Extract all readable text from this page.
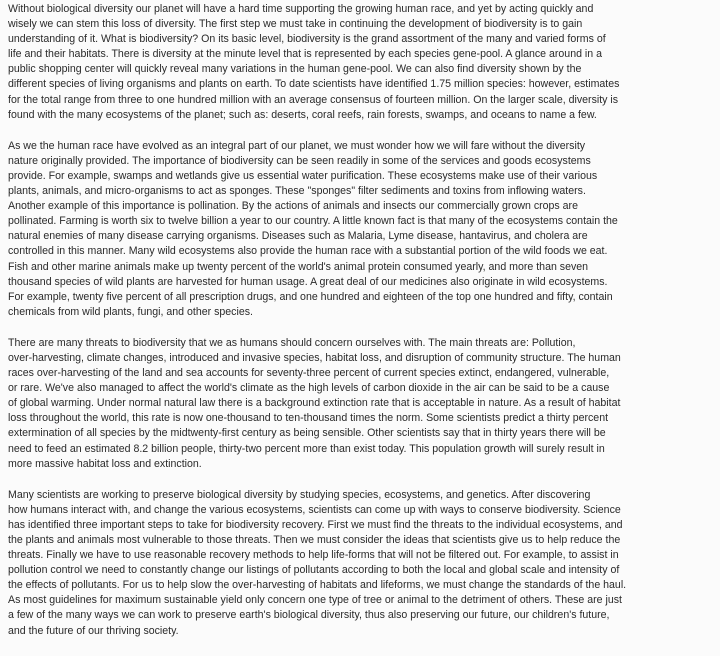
Without biological diversity our planet will have a hard time supporting the growing human race, and yet by acting quickly and
wisely we can stem this loss of diversity. The first step we must take in continuing the development of biodiversity is to gain
understanding of it. What is biodiversity? On its basic level, biodiversity is the grand assortment of the many and varied forms of
life and their habitats. There is diversity at the minute level that is represented by each species gene-pool. A glance around in a
public shopping center will quickly reveal many variations in the human gene-pool. We can also find diversity shown by the
different species of living organisms and plants on earth. To date scientists have identified 1.75 million species: however, estimates
for the total range from three to one hundred million with an average consensus of fourteen million. On the larger scale, diversity is
found with the many ecosystems of the planet; such as: deserts, coral reefs, rain forests, swamps, and oceans to name a few.
As we the human race have evolved as an integral part of our planet, we must wonder how we will fare without the diversity
nature originally provided. The importance of biodiversity can be seen readily in some of the services and goods ecosystems
provide. For example, swamps and wetlands give us essential water purification. These ecosystems make use of their various
plants, animals, and micro-organisms to act as sponges. These "sponges" filter sediments and toxins from inflowing waters.
Another example of this importance is pollination. By the actions of animals and insects our commercially grown crops are
pollinated. Farming is worth six to twelve billion a year to our country. A little known fact is that many of the ecosystems contain the
natural enemies of many disease carrying organisms. Diseases such as Malaria, Lyme disease, hantavirus, and cholera are
controlled in this manner. Many wild ecosystems also provide the human race with a substantial portion of the wild foods we eat.
Fish and other marine animals make up twenty percent of the world's animal protein consumed yearly, and more than seven
thousand species of wild plants are harvested for human usage. A great deal of our medicines also originate in wild ecosystems.
For example, twenty five percent of all prescription drugs, and one hundred and eighteen of the top one hundred and fifty, contain
chemicals from wild plants, fungi, and other species.
There are many threats to biodiversity that we as humans should concern ourselves with. The main threats are: Pollution,
over-harvesting, climate changes, introduced and invasive species, habitat loss, and disruption of community structure. The human
races over-harvesting of the land and sea accounts for seventy-three percent of current species extinct, endangered, vulnerable,
or rare. We've also managed to affect the world's climate as the high levels of carbon dioxide in the air can be said to be a cause
of global warming. Under normal natural law there is a background extinction rate that is acceptable in nature. As a result of habitat
loss throughout the world, this rate is now one-thousand to ten-thousand times the norm. Some scientists predict a thirty percent
extermination of all species by the midtwenty-first century as being sensible. Other scientists say that in thirty years there will be
need to feed an estimated 8.2 billion people, thirty-two percent more than exist today. This population growth will surely result in
more massive habitat loss and extinction.
Many scientists are working to preserve biological diversity by studying species, ecosystems, and genetics. After discovering
how humans interact with, and change the various ecosystems, scientists can come up with ways to conserve biodiversity. Science
has identified three important steps to take for biodiversity recovery. First we must find the threats to the individual ecosystems, and
the plants and animals most vulnerable to those threats. Then we must consider the ideas that scientists give us to help reduce the
threats. Finally we have to use reasonable recovery methods to help life-forms that will not be filtered out. For example, to assist in
pollution control we need to constantly change our listings of pollutants according to both the local and global scale and intensity of
the effects of pollutants. For us to help slow the over-harvesting of habitats and lifeforms, we must change the standards of the haul.
As most guidelines for maximum sustainable yield only concern one type of tree or animal to the detriment of others. These are just
a few of the many ways we can work to preserve earth's biological diversity, thus also preserving our future, our children's future,
and the future of our thriving society.
